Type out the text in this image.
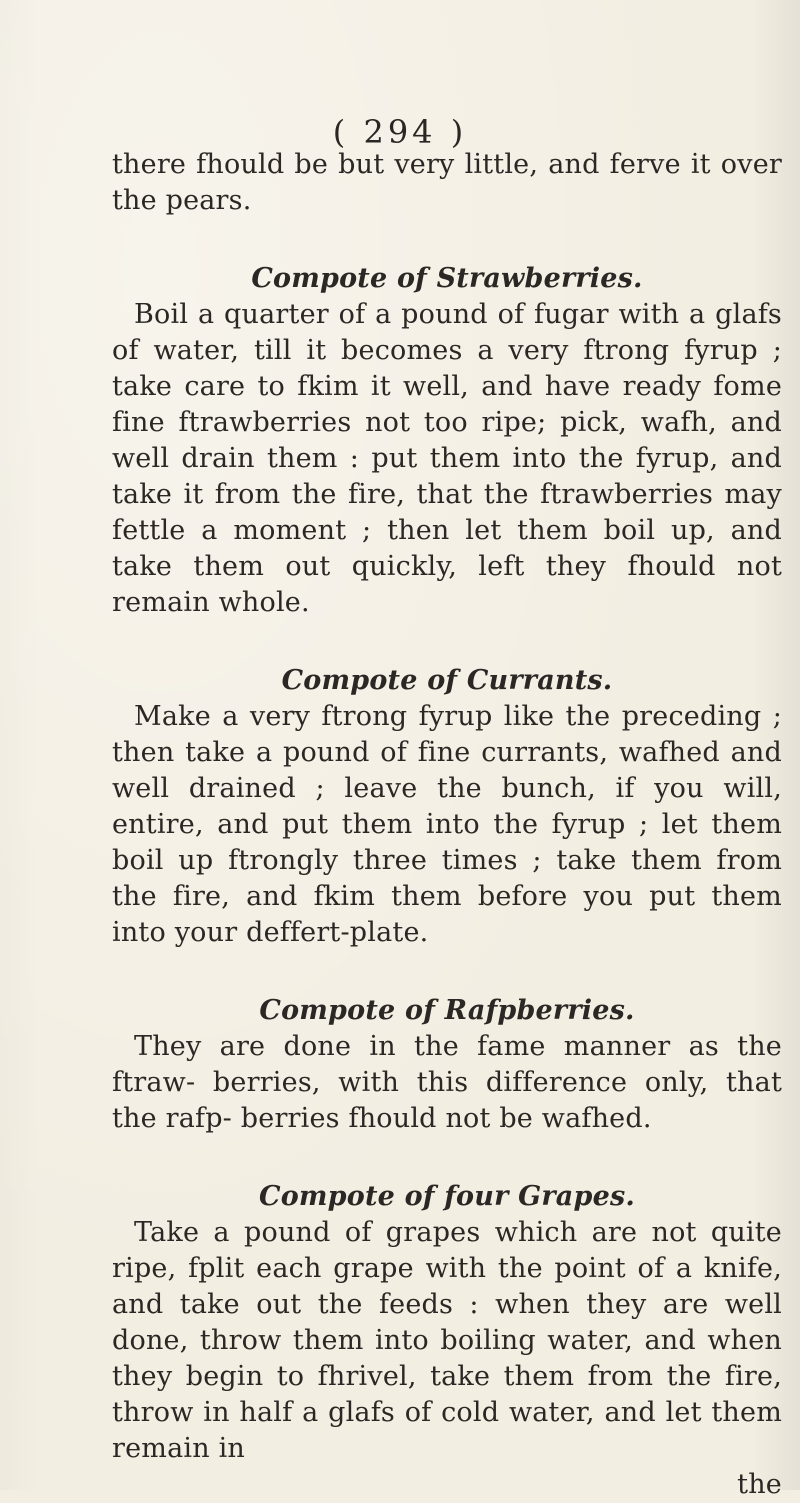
( 294 )

there fhould be but very little, and ferve it over the pears.

Compote of Strawberries.

Boil a quarter of a pound of fugar with a glafs of water, till it becomes a very ftrong fyrup ; take care to fkim it well, and have ready fome fine ftrawberries not too ripe; pick, wafh, and well drain them : put them into the fyrup, and take it from the fire, that the ftrawberries may fettle a moment ; then let them boil up, and take them out quickly, left they fhould not remain whole.

Compote of Currants.

Make a very ftrong fyrup like the preceding ; then take a pound of fine currants, wafhed and well drained ; leave the bunch, if you will, entire, and put them into the fyrup ; let them boil up ftrongly three times ; take them from the fire, and fkim them before you put them into your deffert-plate.

Compote of Rafpberries.

They are done in the fame manner as the ftraw- berries, with this difference only, that the rafp- berries fhould not be wafhed.

Compote of four Grapes.

Take a pound of grapes which are not quite ripe, fplit each grape with the point of a knife, and take out the feeds : when they are well done, throw them into boiling water, and when they begin to fhrivel, take them from the fire, throw in half a glafs of cold water, and let them remain in

the
